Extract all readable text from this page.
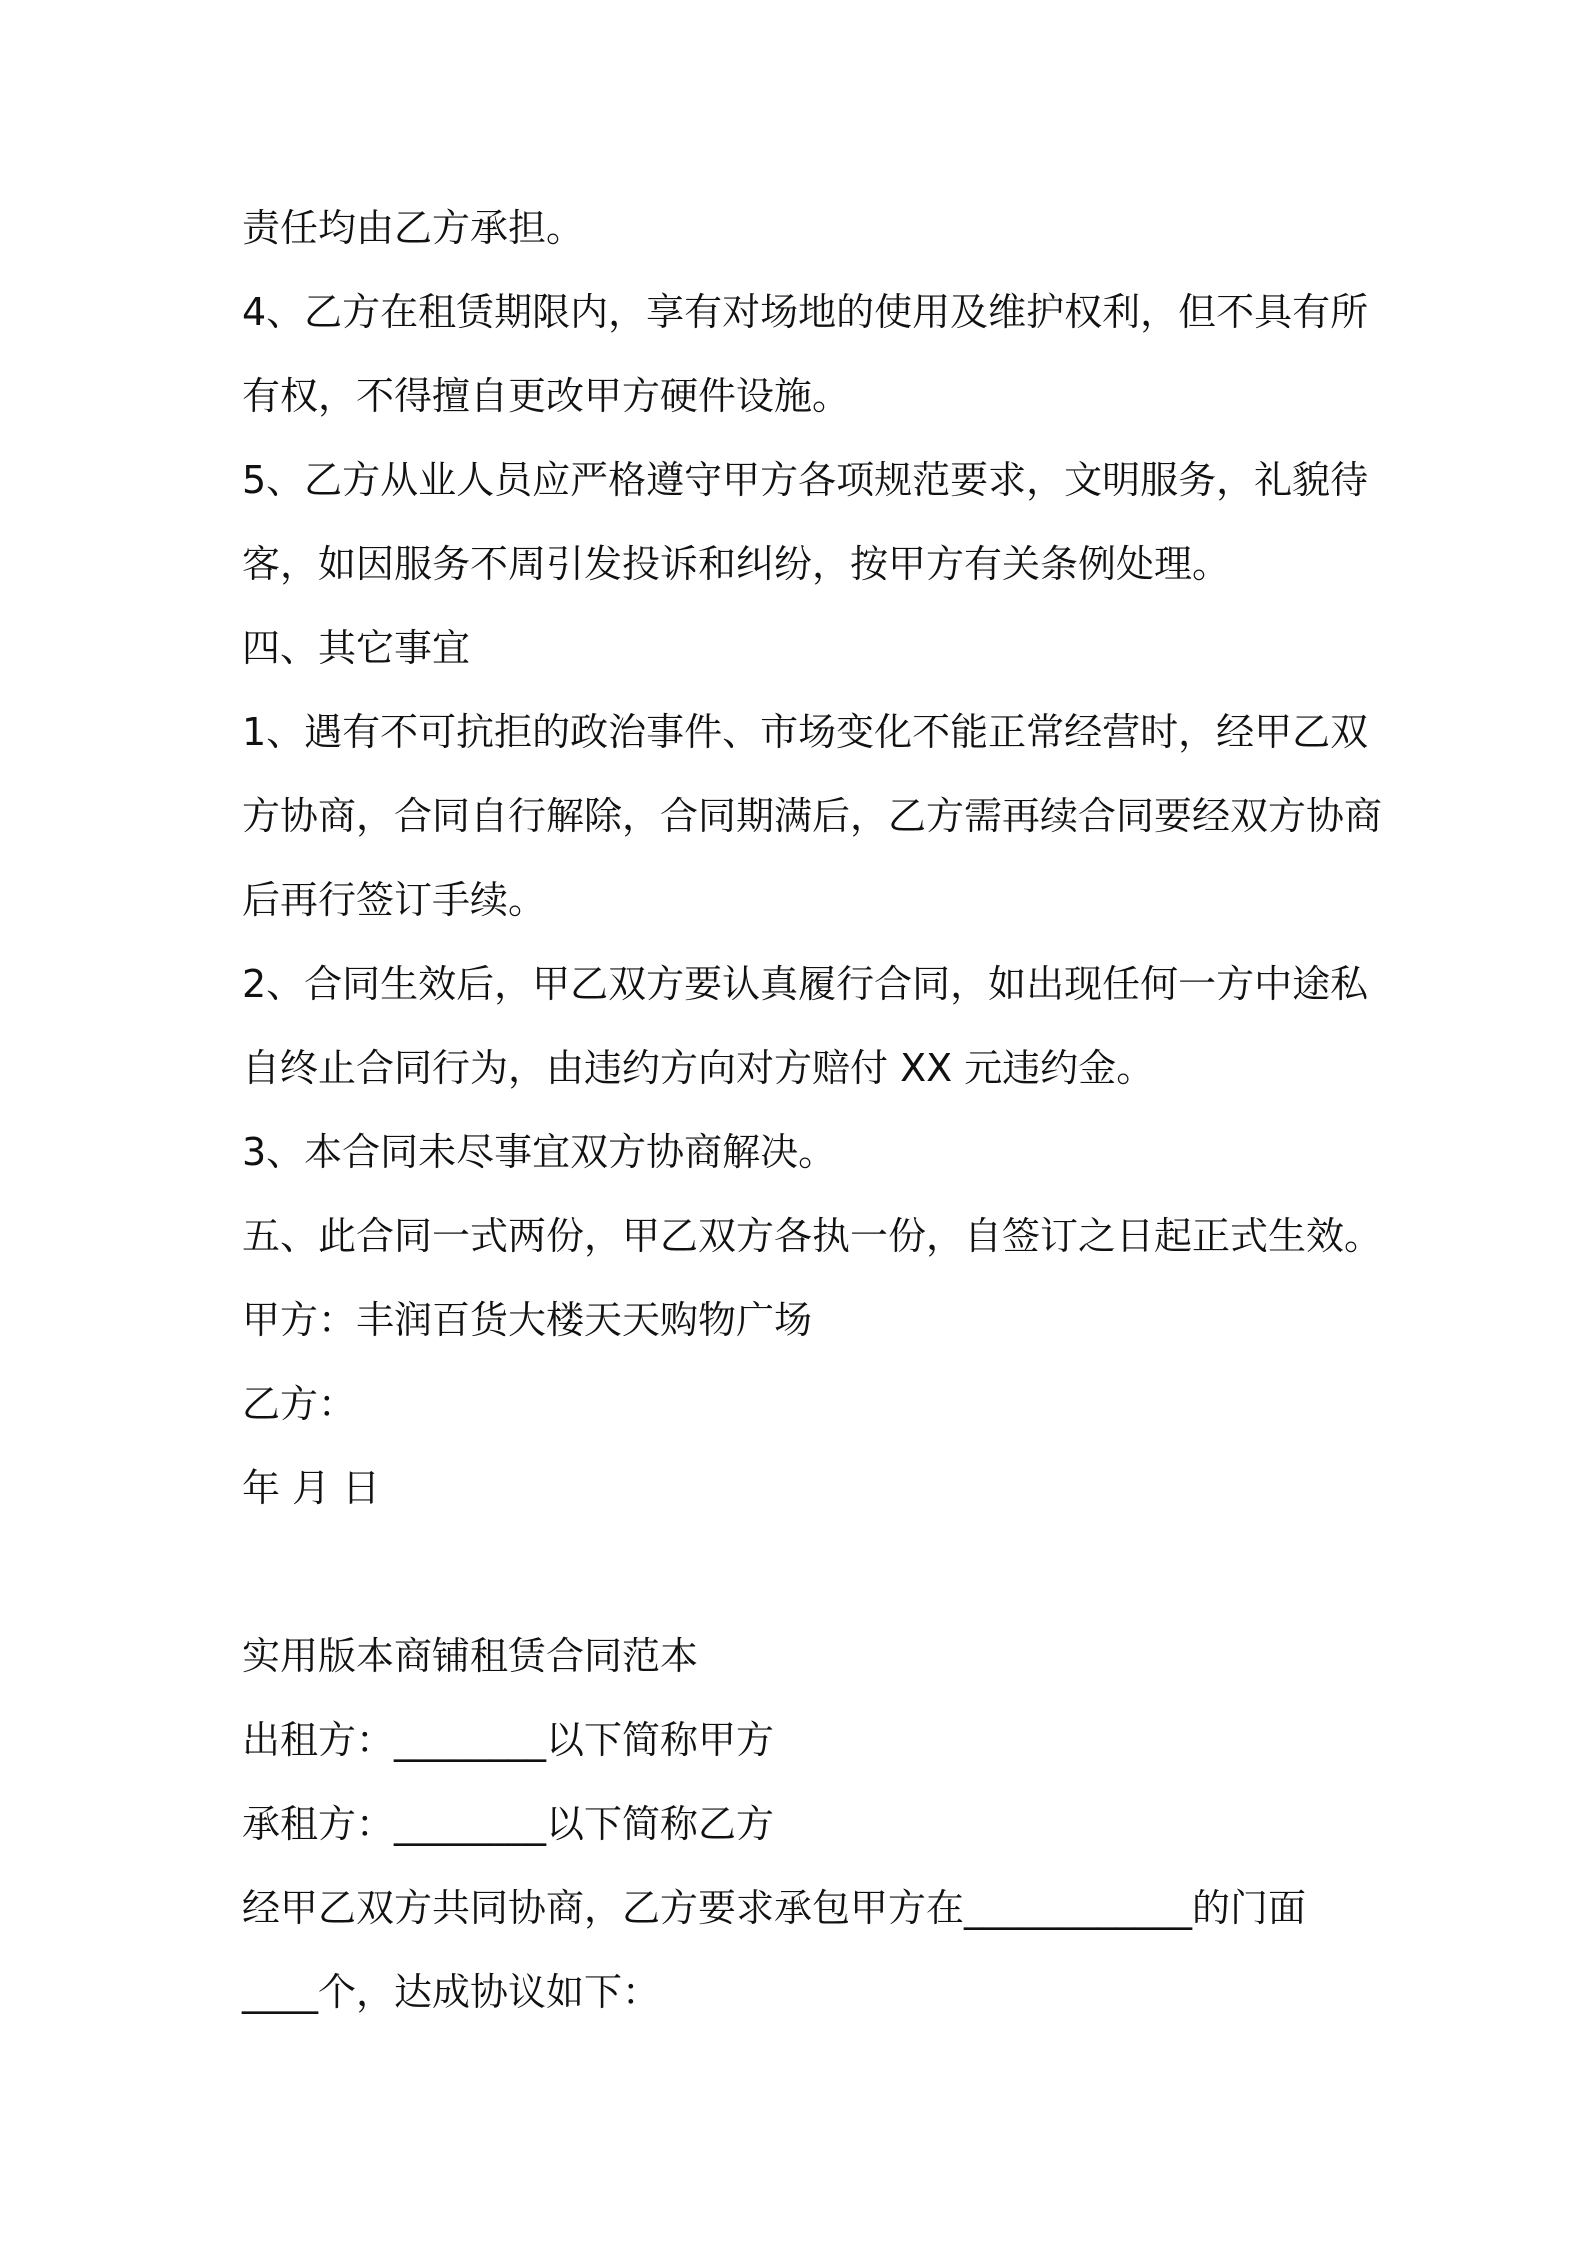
责任均由乙方承担。
4、乙方在租赁期限内，享有对场地的使用及维护权利，但不具有所
有权，不得擅自更改甲方硬件设施。
5、乙方从业人员应严格遵守甲方各项规范要求，文明服务，礼貌待
客，如因服务不周引发投诉和纠纷，按甲方有关条例处理。
四、其它事宜
1、遇有不可抗拒的政治事件、市场变化不能正常经营时，经甲乙双
方协商，合同自行解除，合同期满后，乙方需再续合同要经双方协商
后再行签订手续。
2、合同生效后，甲乙双方要认真履行合同，如出现任何一方中途私
自终止合同行为，由违约方向对方赔付 XX 元违约金。
3、本合同未尽事宜双方协商解决。
五、此合同一式两份，甲乙双方各执一份，自签订之日起正式生效。
甲方：丰润百货大楼天天购物广场
乙方：
年 月 日
实用版本商铺租赁合同范本
出租方：________以下简称甲方
承租方：________以下简称乙方
经甲乙双方共同协商，乙方要求承包甲方在____________的门面
____个，达成协议如下：
